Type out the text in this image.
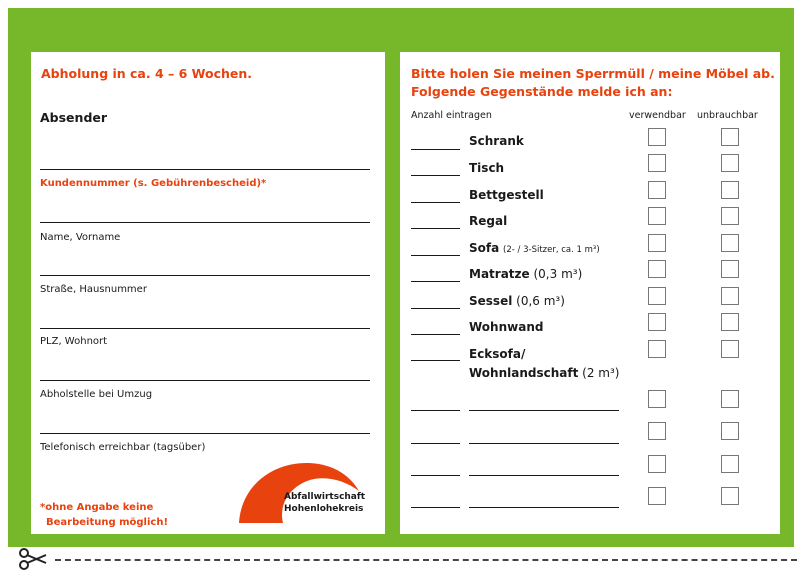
Abholung in ca. 4 – 6 Wochen.

Absender

Kundennummer (s. Gebührenbescheid)*
Name, Vorname
Straße, Hausnummer
PLZ, Wohnort
Abholstelle bei Umzug
Telefonisch erreichbar (tagsüber)
*ohne Angabe keine
Bearbeitung möglich!
Abfallwirtschaft
Hohenlohekreis
Bitte holen Sie meinen Sperrmüll / meine Möbel ab.
Folgende Gegenstände melde ich an:
Anzahl eintragen	verwendbar unbrauchbar
Schrank
Tisch
Bettgestell
Regal
Sofa (2- / 3-Sitzer, ca. 1 m³)
Matratze (0,3 m³)
Sessel (0,6 m³)
Wohnwand
Ecksofa/
Wohnlandschaft (2 m³)
